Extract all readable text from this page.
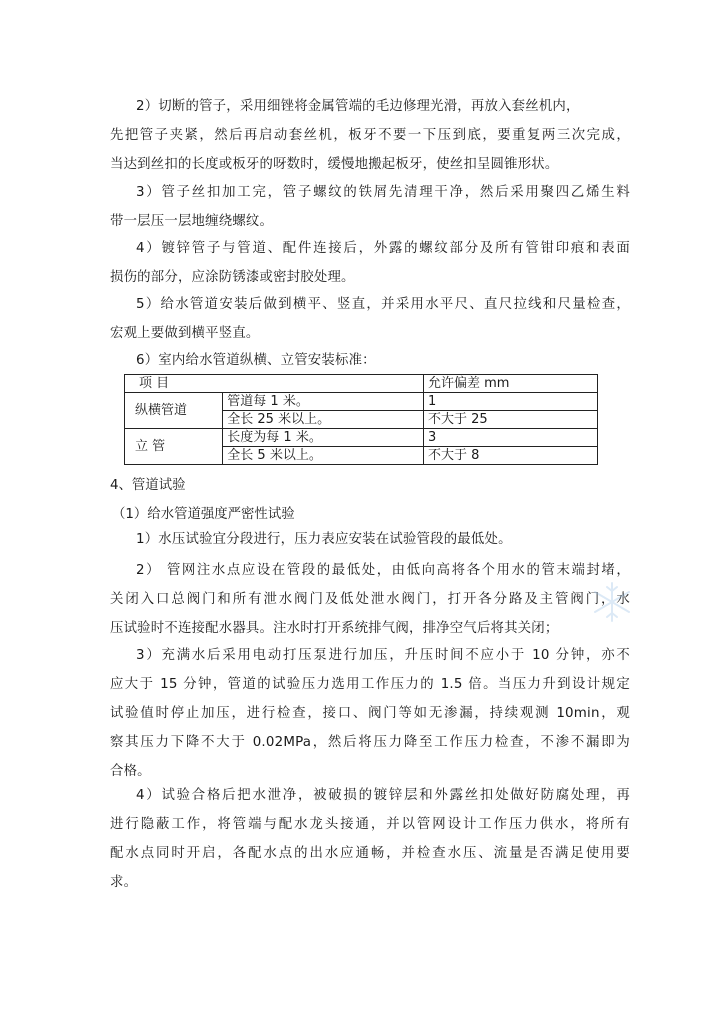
2）切断的管子，采用细锉将金属管端的毛边修理光滑，再放入套丝机内，
先把管子夹紧，然后再启动套丝机，板牙不要一下压到底，要重复两三次完成，
当达到丝扣的长度或板牙的呀数时，缓慢地搬起板牙，使丝扣呈圆锥形状。
3）管子丝扣加工完，管子螺纹的铁屑先清理干净，然后采用聚四乙烯生料
带一层压一层地缠绕螺纹。
4）镀锌管子与管道、配件连接后，外露的螺纹部分及所有管钳印痕和表面
损伤的部分，应涂防锈漆或密封胶处理。
5）给水管道安装后做到横平、竖直，并采用水平尺、直尺拉线和尺量检查，
宏观上要做到横平竖直。
6）室内给水管道纵横、立管安装标准：
项 目		允许偏差 mm
纵横管道	管道每 1 米。	1
	全长 25 米以上。	不大于 25
立 管	长度为每 1 米。	3
	全长 5 米以上。	不大于 8
4、管道试验
（1）给水管道强度严密性试验
1）水压试验宜分段进行，压力表应安装在试验管段的最低处。
2） 管网注水点应设在管段的最低处，由低向高将各个用水的管末端封堵，
关闭入口总阀门和所有泄水阀门及低处泄水阀门，打开各分路及主管阀门，水
压试验时不连接配水器具。注水时打开系统排气阀，排净空气后将其关闭；
3）充满水后采用电动打压泵进行加压，升压时间不应小于 10 分钟，亦不
应大于 15 分钟，管道的试验压力选用工作压力的 1.5 倍。当压力升到设计规定
试验值时停止加压，进行检查，接口、阀门等如无渗漏，持续观测 10min，观
察其压力下降不大于 0.02MPa，然后将压力降至工作压力检查，不渗不漏即为
合格。
4）试验合格后把水泄净，被破损的镀锌层和外露丝扣处做好防腐处理，再
进行隐蔽工作，将管端与配水龙头接通，并以管网设计工作压力供水，将所有
配水点同时开启，各配水点的出水应通畅，并检查水压、流量是否满足使用要
求。
